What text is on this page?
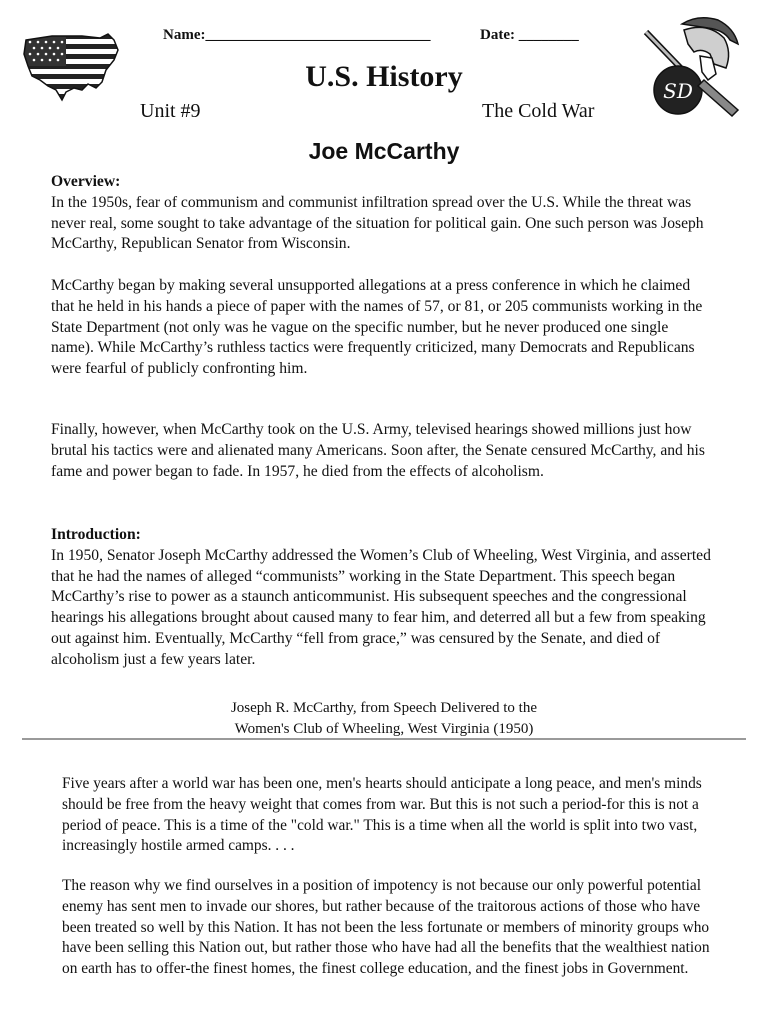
SD
Name:______________________________	Date: ________
U.S. History
Unit #9	The Cold War
Joe McCarthy

Overview:

In the 1950s, fear of communism and communist infiltration spread over the U.S. While the threat was never real, some sought to take advantage of the situation for political gain. One such person was Joseph McCarthy, Republican Senator from Wisconsin.

McCarthy began by making several unsupported allegations at a press conference in which he claimed that he held in his hands a piece of paper with the names of 57, or 81, or 205 communists working in the State Department (not only was he vague on the specific number, but he never produced one single name). While McCarthy’s ruthless tactics were frequently criticized, many Democrats and Republicans were fearful of publicly confronting him.

Finally, however, when McCarthy took on the U.S. Army, televised hearings showed millions just how brutal his tactics were and alienated many Americans. Soon after, the Senate censured McCarthy, and his fame and power began to fade. In 1957, he died from the effects of alcoholism.

Introduction:

In 1950, Senator Joseph McCarthy addressed the Women’s Club of Wheeling, West Virginia, and asserted that he had the names of alleged “communists” working in the State Department. This speech began McCarthy’s rise to power as a staunch anticommunist. His subsequent speeches and the congressional hearings his allegations brought about caused many to fear him, and deterred all but a few from speaking out against him. Eventually, McCarthy “fell from grace,” was censured by the Senate, and died of alcoholism just a few years later.

Joseph R. McCarthy, from Speech Delivered to the
Women's Club of Wheeling, West Virginia (1950)

Five years after a world war has been one, men's hearts should anticipate a long peace, and men's minds should be free from the heavy weight that comes from war. But this is not such a period-for this is not a period of peace. This is a time of the "cold war." This is a time when all the world is split into two vast, increasingly hostile armed camps. . . .

The reason why we find ourselves in a position of impotency is not because our only powerful potential enemy has sent men to invade our shores, but rather because of the traitorous actions of those who have been treated so well by this Nation. It has not been the less fortunate or members of minority groups who have been selling this Nation out, but rather those who have had all the benefits that the wealthiest nation on earth has to offer-the finest homes, the finest college education, and the finest jobs in Government.
